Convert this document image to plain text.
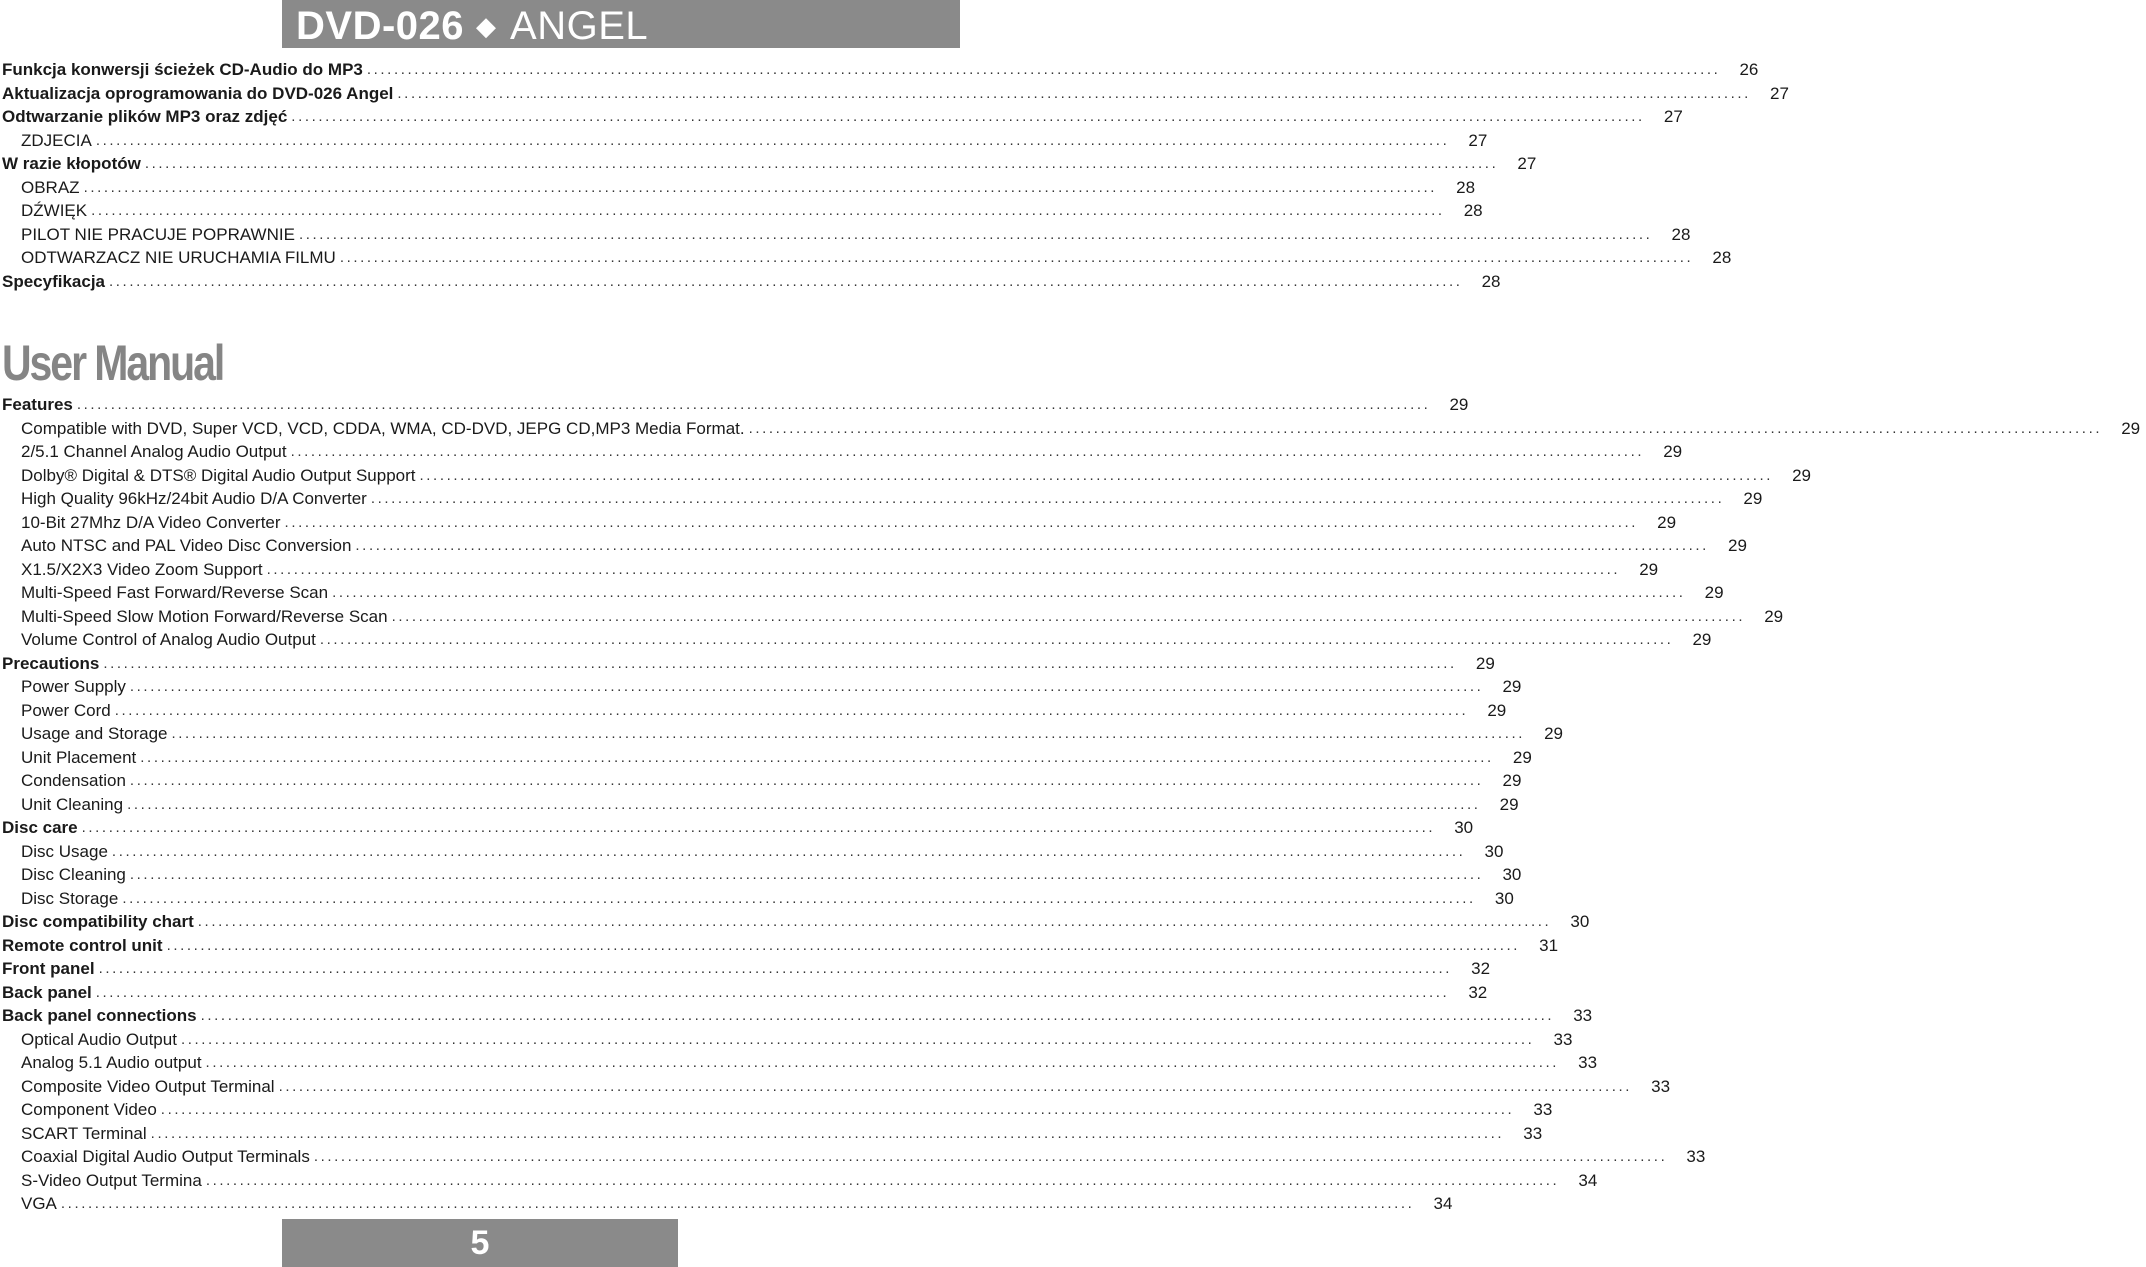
DVD-026 ◆ ANGEL
Funkcja konwersji ścieżek CD-Audio do MP3 ........................................................................................................................................................................................................	26
Aktualizacja oprogramowania do DVD-026 Angel ........................................................................................................................................................................................................	27
Odtwarzanie plików MP3 oraz zdjęć ........................................................................................................................................................................................................	27
ZDJECIA ........................................................................................................................................................................................................	27
W razie kłopotów ........................................................................................................................................................................................................	27
OBRAZ ........................................................................................................................................................................................................	28
DŹWIĘK ........................................................................................................................................................................................................	28
PILOT NIE PRACUJE POPRAWNIE ........................................................................................................................................................................................................	28
ODTWARZACZ NIE URUCHAMIA FILMU ........................................................................................................................................................................................................	28
Specyfikacja ........................................................................................................................................................................................................	28
User Manual
Features ........................................................................................................................................................................................................	29
Compatible with DVD, Super VCD, VCD, CDDA, WMA, CD-DVD, JEPG CD,MP3 Media Format. ........................................................................................................................................................................................................	29
2/5.1 Channel Analog Audio Output ........................................................................................................................................................................................................	29
Dolby® Digital & DTS® Digital Audio Output Support ........................................................................................................................................................................................................	29
High Quality 96kHz/24bit Audio D/A Converter ........................................................................................................................................................................................................	29
10-Bit 27Mhz D/A Video Converter ........................................................................................................................................................................................................	29
Auto NTSC and PAL Video Disc Conversion ........................................................................................................................................................................................................	29
X1.5/X2X3 Video Zoom Support ........................................................................................................................................................................................................	29
Multi-Speed Fast Forward/Reverse Scan ........................................................................................................................................................................................................	29
Multi-Speed Slow Motion Forward/Reverse Scan ........................................................................................................................................................................................................	29
Volume Control of Analog Audio Output ........................................................................................................................................................................................................	29
Precautions ........................................................................................................................................................................................................	29
Power Supply ........................................................................................................................................................................................................	29
Power Cord ........................................................................................................................................................................................................	29
Usage and Storage ........................................................................................................................................................................................................	29
Unit Placement ........................................................................................................................................................................................................	29
Condensation ........................................................................................................................................................................................................	29
Unit Cleaning ........................................................................................................................................................................................................	29
Disc care ........................................................................................................................................................................................................	30
Disc Usage ........................................................................................................................................................................................................	30
Disc Cleaning ........................................................................................................................................................................................................	30
Disc Storage ........................................................................................................................................................................................................	30
Disc compatibility chart ........................................................................................................................................................................................................	30
Remote control unit ........................................................................................................................................................................................................	31
Front panel ........................................................................................................................................................................................................	32
Back panel ........................................................................................................................................................................................................	32
Back panel connections ........................................................................................................................................................................................................	33
Optical Audio Output ........................................................................................................................................................................................................	33
Analog 5.1 Audio output ........................................................................................................................................................................................................	33
Composite Video Output Terminal ........................................................................................................................................................................................................	33
Component Video ........................................................................................................................................................................................................	33
SCART Terminal ........................................................................................................................................................................................................	33
Coaxial Digital Audio Output Terminals ........................................................................................................................................................................................................	33
S-Video Output Termina ........................................................................................................................................................................................................	34
VGA ........................................................................................................................................................................................................	34
5
